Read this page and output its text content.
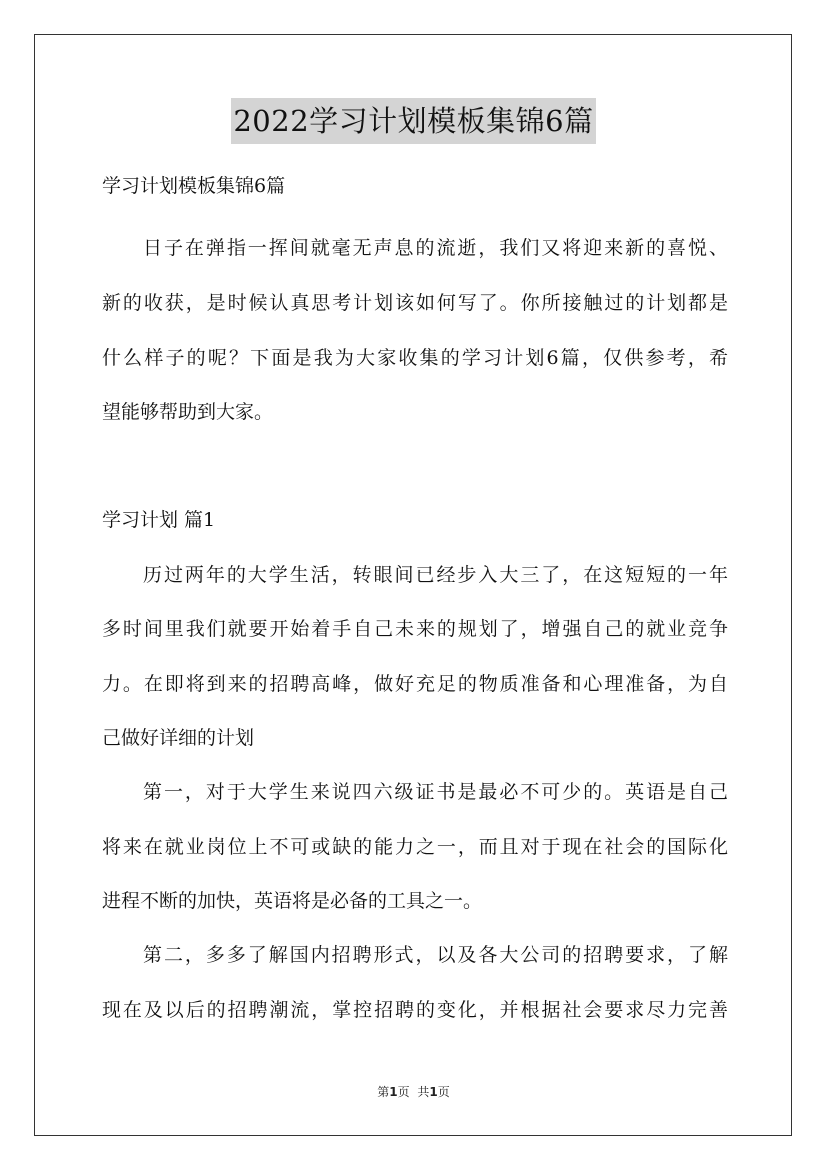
2022学习计划模板集锦6篇
学习计划模板集锦6篇
日子在弹指一挥间就毫无声息的流逝，我们又将迎来新的喜悦、
新的收获，是时候认真思考计划该如何写了。你所接触过的计划都是
什么样子的呢？下面是我为大家收集的学习计划6篇，仅供参考，希
望能够帮助到大家。
学习计划 篇1
历过两年的大学生活，转眼间已经步入大三了，在这短短的一年
多时间里我们就要开始着手自己未来的规划了，增强自己的就业竞争
力。在即将到来的招聘高峰，做好充足的物质准备和心理准备，为自
己做好详细的计划
第一，对于大学生来说四六级证书是最必不可少的。英语是自己
将来在就业岗位上不可或缺的能力之一，而且对于现在社会的国际化
进程不断的加快，英语将是必备的工具之一。
第二，多多了解国内招聘形式，以及各大公司的招聘要求，了解
现在及以后的招聘潮流，掌控招聘的变化，并根据社会要求尽力完善
第1页 共1页
